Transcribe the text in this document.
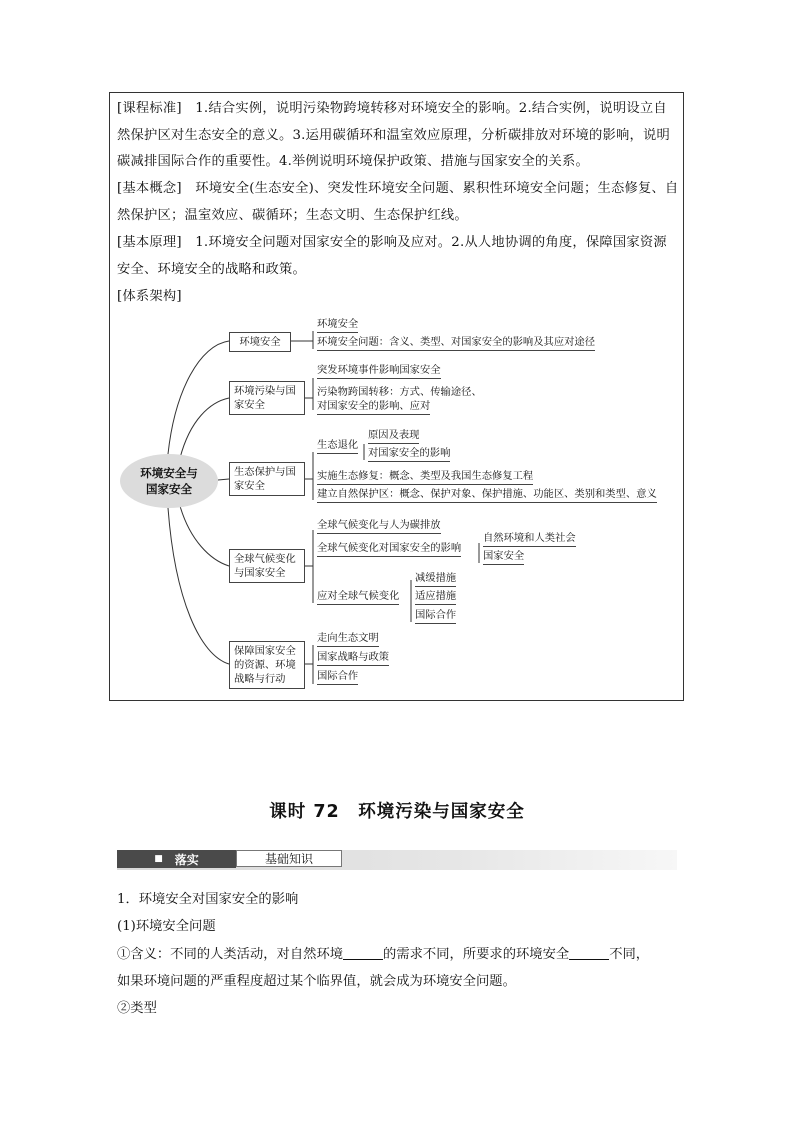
[课程标准]　 1.结合实例，说明污染物跨境转移对环境安全的影响。2.结合实例，说明设立自然保护区对生态安全的意义。3.运用碳循环和温室效应原理，分析碳排放对环境的影响，说明碳减排国际合作的重要性。4.举例说明环境保护政策、措施与国家安全的关系。

[基本概念]　 环境安全(生态安全)、突发性环境安全问题、累积性环境安全问题；生态修复、自然保护区；温室效应、碳循环；生态文明、生态保护红线。

[基本原理]　 1.环境安全问题对国家安全的影响及应对。2.从人地协调的角度，保障国家资源安全、环境安全的战略和政策。

[体系架构]

环境安全与
国家安全
环境安全
环境安全
环境安全问题：含义、类型、对国家安全的影响及其应对途径
环境污染与国
家安全
突发环境事件影响国家安全
污染物跨国转移：方式、传输途径、
对国家安全的影响、应对
生态保护与国
家安全
生态退化
原因及表现
对国家安全的影响
实施生态修复：概念、类型及我国生态修复工程
建立自然保护区：概念、保护对象、保护措施、功能区、类别和类型、意义
全球气候变化
与国家安全
全球气候变化与人为碳排放
全球气候变化对国家安全的影响
自然环境和人类社会
国家安全
应对全球气候变化
减缓措施
适应措施
国际合作
保障国家安全
的资源、环境
战略与行动
走向生态文明
国家战略与政策
国际合作
课时 72　环境污染与国家安全
■ 落实	基础知识

1．环境安全对国家安全的影响

(1)环境安全问题

①含义：不同的人类活动，对自然环境	的需求不同，所要求的环境安全	不同，

如果环境问题的严重程度超过某个临界值，就会成为环境安全问题。

②类型
